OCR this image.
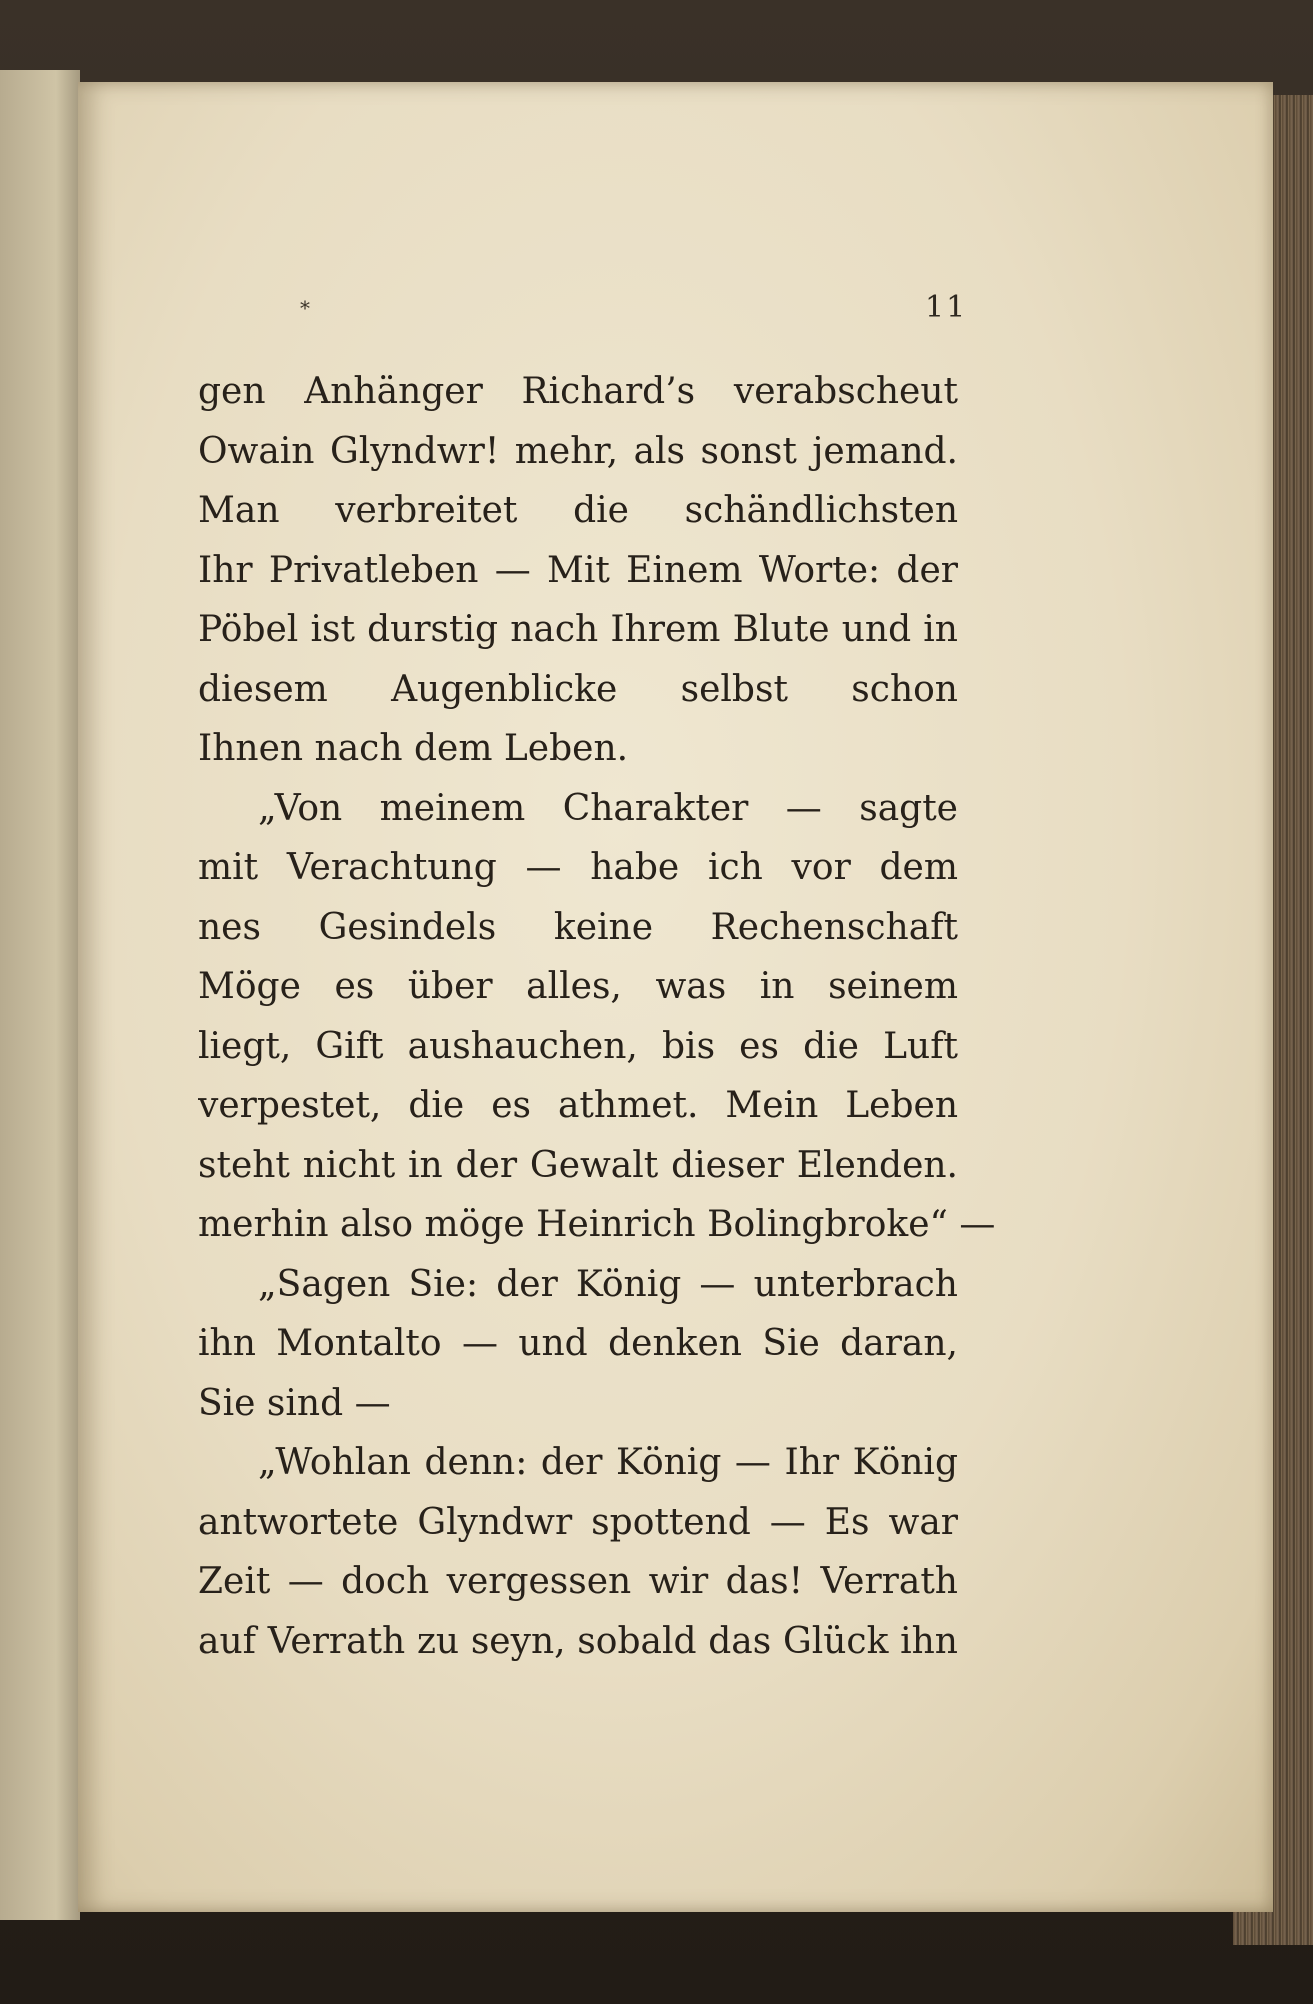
*	11
gen Anhänger Richard’s verabscheut
Owain Glyndwr! mehr, als sonst jemand.
Man verbreitet die schändlichsten
Ihr Privatleben — Mit Einem Worte: der
Pöbel ist durstig nach Ihrem Blute und in
diesem Augenblicke selbst schon
Ihnen nach dem Leben.
„Von meinem Charakter — sagte
mit Verachtung — habe ich vor dem
nes Gesindels keine Rechenschaft
Möge es über alles, was in seinem
liegt, Gift aushauchen, bis es die Luft
verpestet, die es athmet. Mein Leben
steht nicht in der Gewalt dieser Elenden.
merhin also möge Heinrich Bolingbroke“ —
„Sagen Sie: der König — unterbrach
ihn Montalto — und denken Sie daran,
Sie sind —
„Wohlan denn: der König — Ihr König
antwortete Glyndwr spottend — Es war
Zeit — doch vergessen wir das! Verrath
auf Verrath zu seyn, sobald das Glück ihn
